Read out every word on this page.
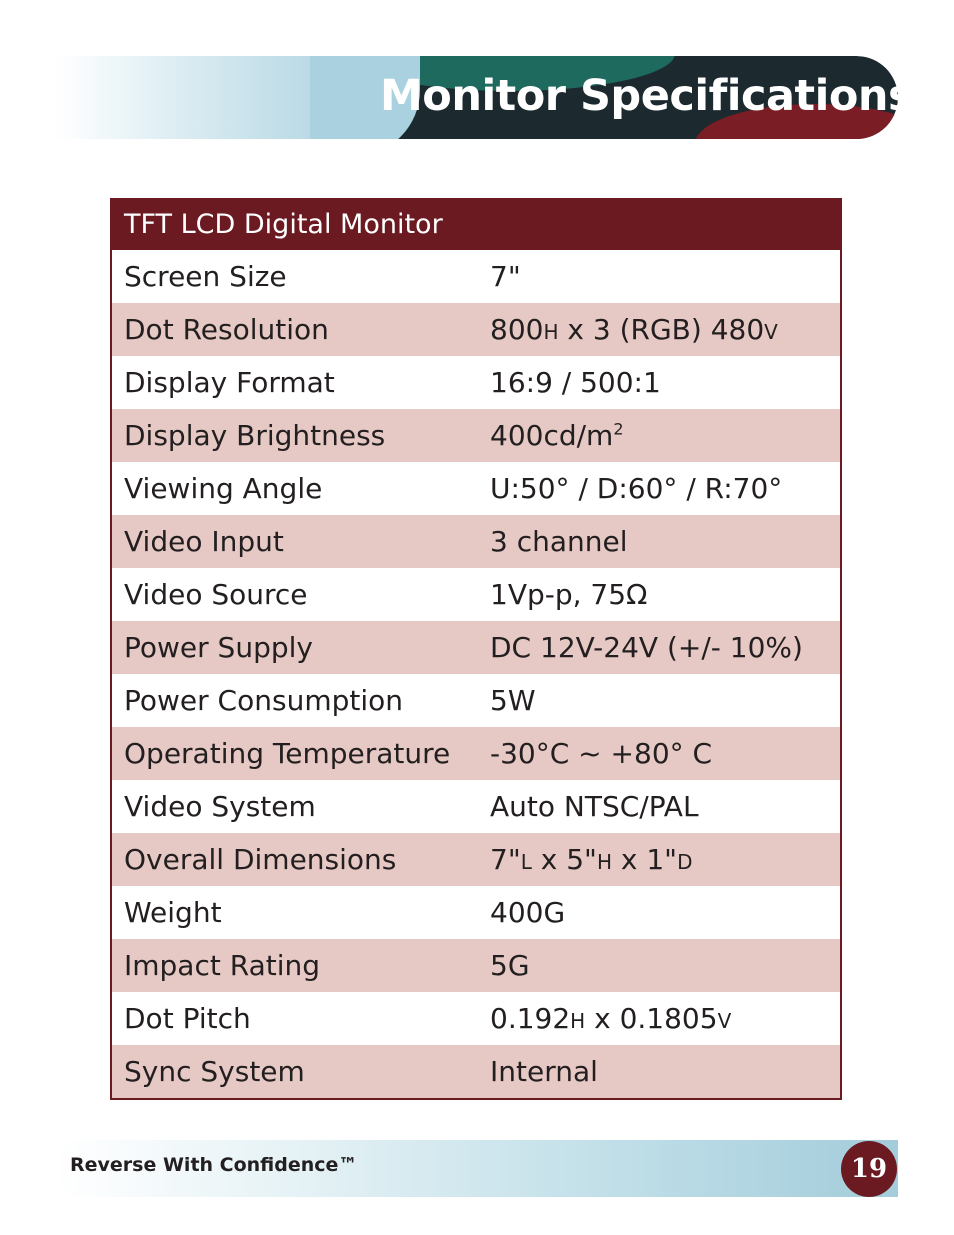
Monitor Specifications
TFT LCD Digital Monitor
Screen Size	7"
Dot Resolution	800H x 3 (RGB) 480V
Display Format	16:9 / 500:1
Display Brightness	$400cd/m^2$
Viewing Angle	U:50° / D:60° / R:70°
Video Input	3 channel
Video Source	1Vp-p, 75Ω
Power Supply	DC 12V-24V (+/- 10%)
Power Consumption	5W
Operating Temperature	-30°C ~ +80° C
Video System	Auto NTSC/PAL
Overall Dimensions	7"L x 5"H x 1"D
Weight	400G
Impact Rating	5G
Dot Pitch	0.192H x 0.1805V
Sync System	Internal
Reverse With Confidence™	19
